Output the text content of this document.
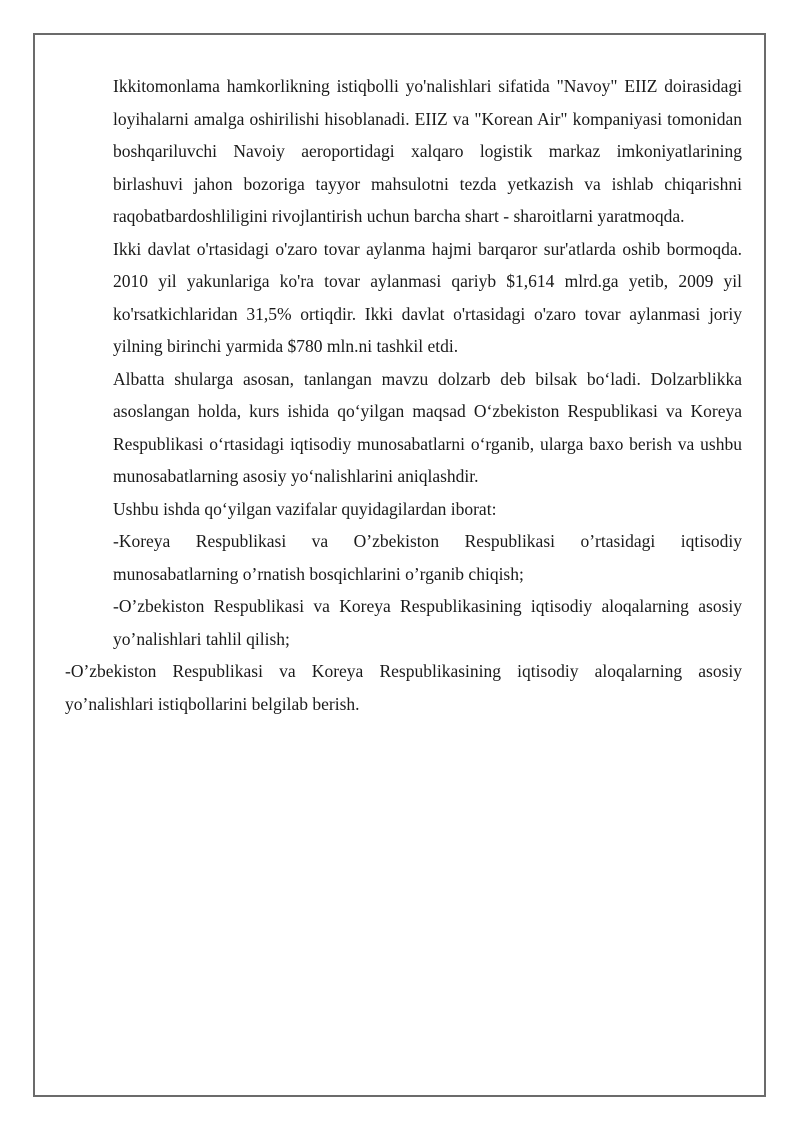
Ikkitomonlama hamkorlikning istiqbolli yo'nalishlari sifatida "Navoy" EIIZ doirasidagi loyihalarni amalga oshirilishi hisoblanadi. EIIZ va "Korean Air" kompaniyasi tomonidan boshqariluvchi Navoiy aeroportidagi xalqaro logistik markaz imkoniyatlarining birlashuvi jahon bozoriga tayyor mahsulotni tezda yetkazish va ishlab chiqarishni raqobatbardoshliligini rivojlantirish uchun barcha shart - sharoitlarni yaratmoqda.

Ikki davlat o'rtasidagi o'zaro tovar aylanma hajmi barqaror sur'atlarda oshib bormoqda. 2010 yil yakunlariga ko'ra tovar aylanmasi qariyb $1,614 mlrd.ga yetib, 2009 yil ko'rsatkichlaridan 31,5% ortiqdir. Ikki davlat o'rtasidagi o'zaro tovar aylanmasi joriy yilning birinchi yarmida $780 mln.ni tashkil etdi.

Albatta shularga asosan, tanlangan mavzu dolzarb deb bilsak bo‘ladi. Dolzarblikka asoslangan holda, kurs ishida qo‘yilgan maqsad O‘zbekiston Respublikasi va Koreya Respublikasi o‘rtasidagi iqtisodiy munosabatlarni o‘rganib, ularga baxo berish va ushbu munosabatlarning asosiy yo‘nalishlarini aniqlashdir.

Ushbu ishda qo‘yilgan vazifalar quyidagilardan iborat:

-Koreya Respublikasi va O’zbekiston Respublikasi o’rtasidagi iqtisodiy munosabatlarning o’rnatish bosqichlarini o’rganib chiqish;

-O’zbekiston Respublikasi va Koreya Respublikasining iqtisodiy aloqalarning asosiy yo’nalishlari tahlil qilish;

-O’zbekiston Respublikasi va Koreya Respublikasining iqtisodiy aloqalarning asosiy yo’nalishlari istiqbollarini belgilab berish.
